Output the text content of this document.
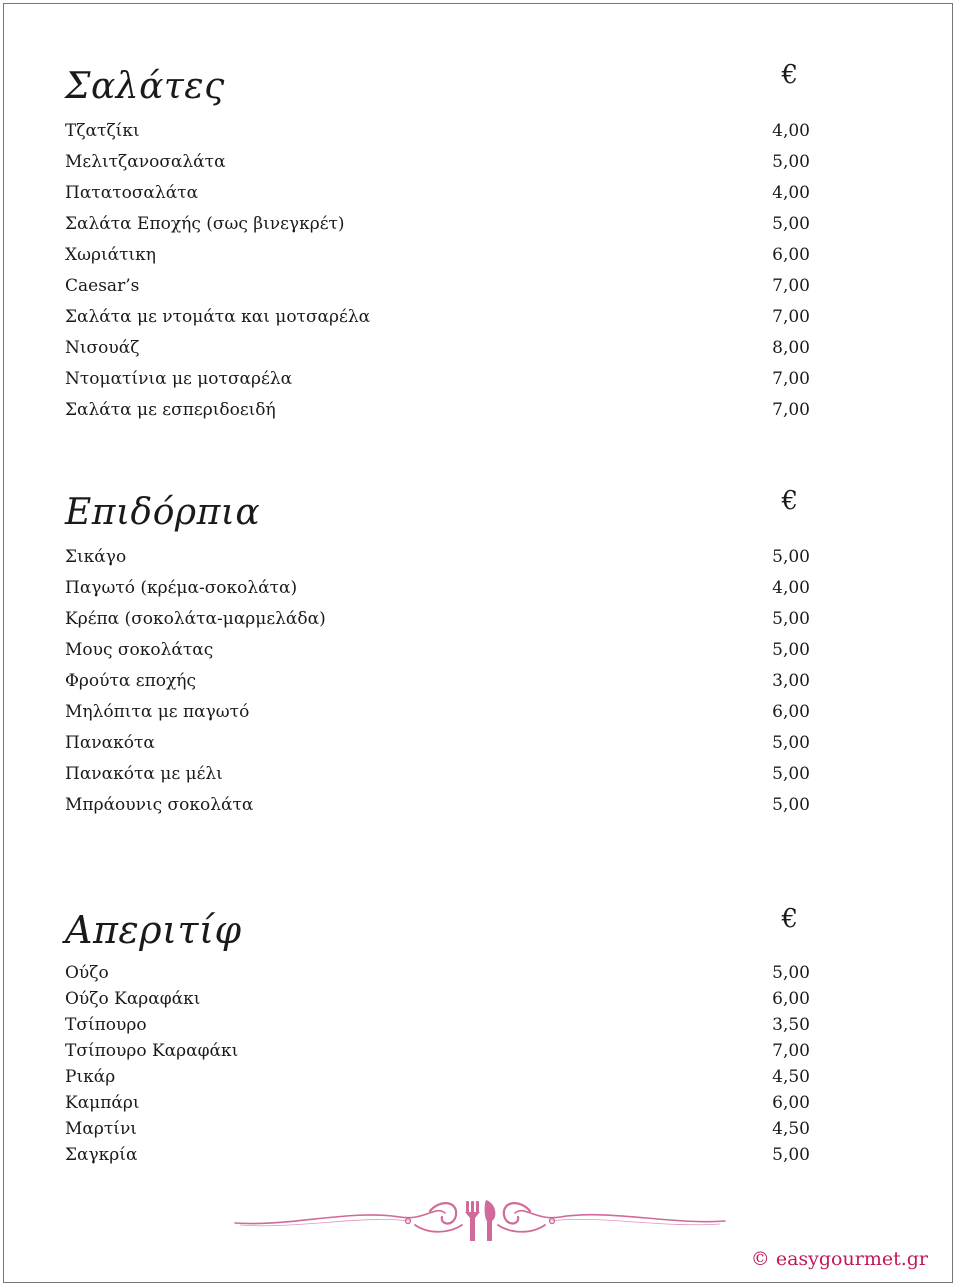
Σαλάτες	€
Τζατζίκι	4,00
Μελιτζανοσαλάτα	5,00
Πατατοσαλάτα	4,00
Σαλάτα Εποχής (σως βινεγκρέτ)	5,00
Χωριάτικη	6,00
Caesar’s	7,00
Σαλάτα με ντομάτα και μοτσαρέλα	7,00
Νισουάζ	8,00
Ντοματίνια με μοτσαρέλα	7,00
Σαλάτα με εσπεριδοειδή	7,00
Επιδόρπια	€
Σικάγο	5,00
Παγωτό (κρέμα-σοκολάτα)	4,00
Κρέπα (σοκολάτα-μαρμελάδα)	5,00
Μους σοκολάτας	5,00
Φρούτα εποχής	3,00
Μηλόπιτα με παγωτό	6,00
Πανακότα	5,00
Πανακότα με μέλι	5,00
Μπράουνις σοκολάτα	5,00
Απεριτίφ	€
Ούζο	5,00
Ούζο Καραφάκι	6,00
Τσίπουρο	3,50
Τσίπουρο Καραφάκι	7,00
Ρικάρ	4,50
Καμπάρι	6,00
Μαρτίνι	4,50
Σαγκρία	5,00
© easygourmet.gr
